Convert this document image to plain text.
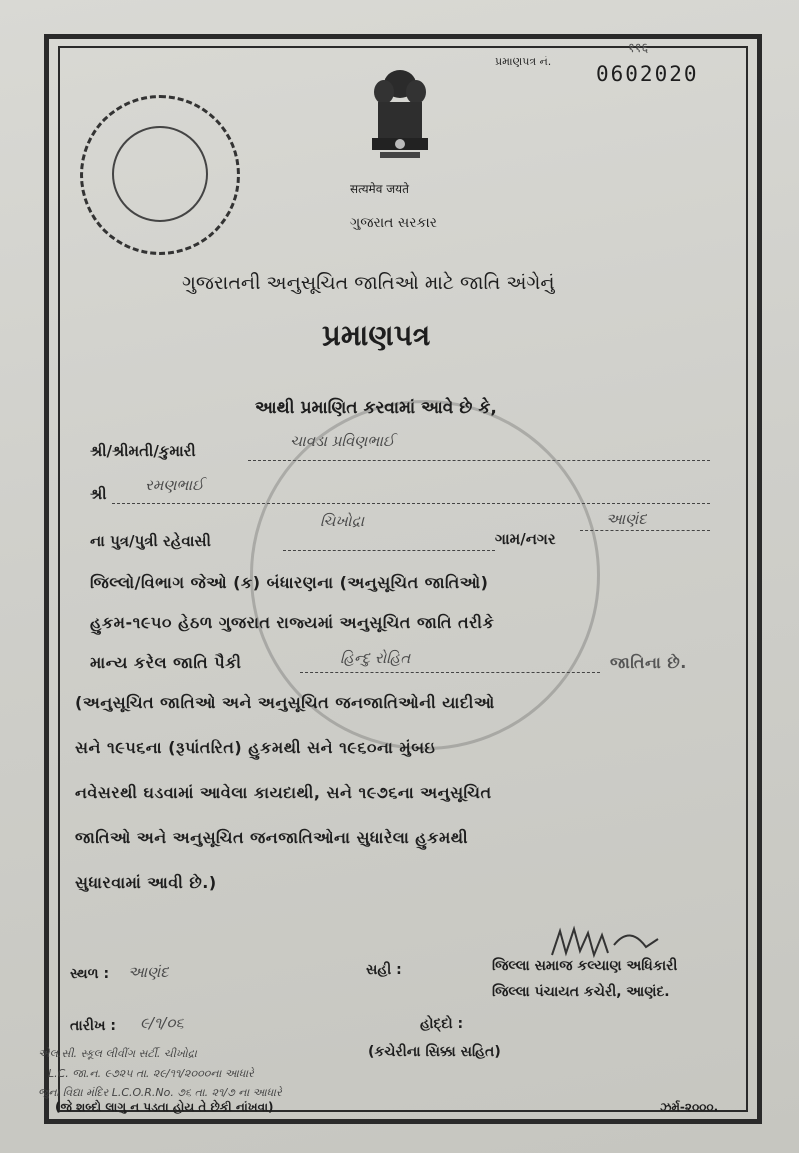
सत्यमेव जयते
ગુજરાત સરકાર
પ્રમાણપત્ર નં.
११६
0602020
ગુજરાતની અનુસૂચિત જાતિઓ માટે જાતિ અંગેનું
પ્રમાણપત્ર
આથી પ્રમાણિત કરવામાં આવે છે કે,
શ્રી/શ્રીમતી/કુમારી
ચાવડા પ્રવિણભાઈ
શ્રી	રમણભાઈ
ના પુત્ર/પુત્રી રહેવાસી
ચિખોદ્રા
ગામ/નગર
આણંદ
જિલ્લો/વિભાગ જેઓ (ક) બંધારણના (અનુસૂચિત જાતિઓ)
હુકમ-૧૯૫૦ હેઠળ ગુજરાત રાજ્યમાં અનુસૂચિત જાતિ તરીકે
માન્ય કરેલ જાતિ પૈકી	હિન્દુ રોહિત	જાતિના છે.
(અનુસૂચિત જાતિઓ અને અનુસૂચિત જનજાતિઓની યાદીઓ
સને ૧૯૫૬ના (રૂપાંતરિત) હુકમથી સને ૧૯૬૦ના મુંબઇ
નવેસરથી ઘડવામાં આવેલા કાયદાથી, સને ૧૯૭૬ના અનુસૂચિત
જાતિઓ અને અનુસૂચિત જનજાતિઓના સુધારેલા હુકમથી
સુધારવામાં આવી છે.)
સ્થળ : આણંદ	સહી :	જિલ્લા સમાજ કલ્યાણ અધિકારી
જિલ્લા પંચાયત કચેરી, આણંદ.
તારીખ : ૯/૧/૦૬	હોદ્દો :
એલ.સી. સ્કૂલ લીવીંગ સર્ટી. ચીખોદ્રા	(કચેરીના સિક્કા સહિત)
L.C. જા.ન. ૯૭૨૫ તા. ૨૯/૧૧/૨૦૦૦ના આધારે
જુના વિદ્યા મંદિર L.C.O.R.No. ૭૬ તા. ૨૧/૭ ના આધારે
(જે શબ્દો લાગુ ન પડતા હોય તે છેકી નાંખવા)	ઝર્મ-૨૦૦૦.
